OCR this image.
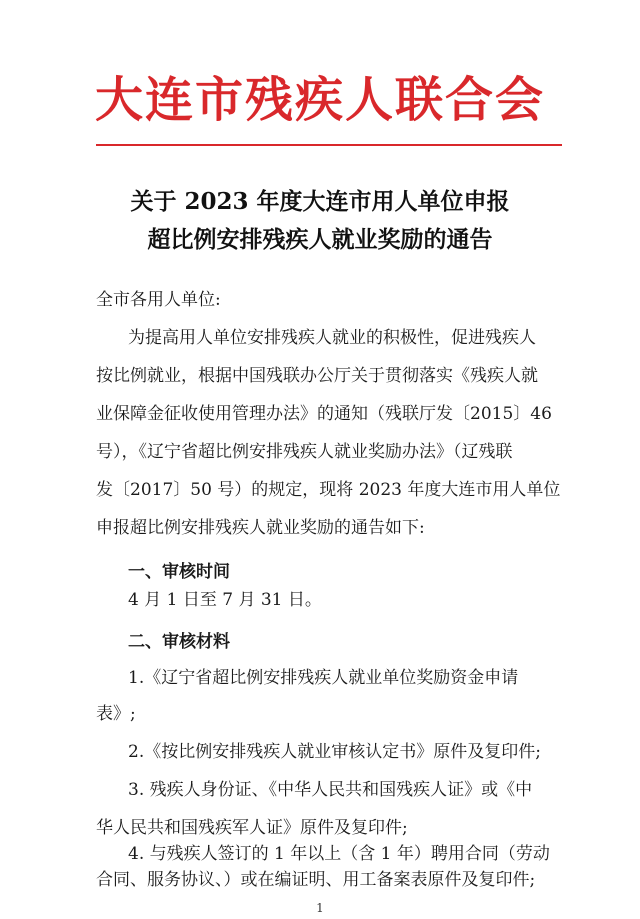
大连市残疾人联合会
关于 2023 年度大连市用人单位申报
超比例安排残疾人就业奖励的通告
全市各用人单位:
为提高用人单位安排残疾人就业的积极性，促进残疾人
按比例就业，根据中国残联办公厅关于贯彻落实《残疾人就
业保障金征收使用管理办法》的通知（残联厅发〔2015〕46
号），《辽宁省超比例安排残疾人就业奖励办法》（辽残联
发〔2017〕50 号）的规定，现将 2023 年度大连市用人单位
申报超比例安排残疾人就业奖励的通告如下:
一、审核时间
4 月 1 日至 7 月 31 日。
二、审核材料
1.《辽宁省超比例安排残疾人就业单位奖励资金申请
表》;
2.《按比例安排残疾人就业审核认定书》原件及复印件;
3. 残疾人身份证、《中华人民共和国残疾人证》或《中
华人民共和国残疾军人证》原件及复印件;
4. 与残疾人签订的 1 年以上（含 1 年）聘用合同（劳动
合同、服务协议、）或在编证明、用工备案表原件及复印件;
1
